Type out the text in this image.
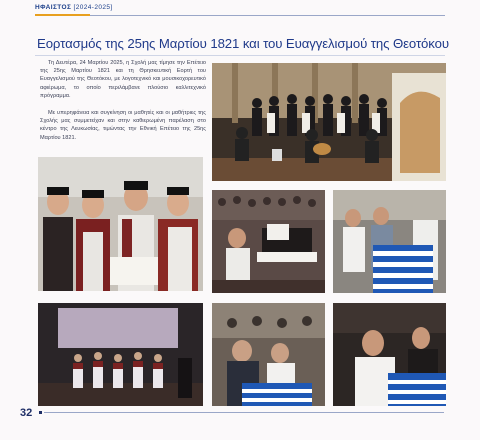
ΗΦΑΙΣΤΟΣ [2024-2025]
Εορτασμός της 25ης Μαρτίου 1821 και του Ευαγγελισμού της Θεοτόκου

Τη Δευτέρα, 24 Μαρτίου 2025, η Σχολή μας τίμησε την Επέτειο της 25ης Μαρτίου 1821 και τη Θρησκευτική Εορτή του Ευαγγελισμού της Θεοτόκου, με λογοτεχνικό και μουσικοχορευτικό αφιέρωμα, το οποίο περιλάμβανε πλούσιο καλλιτεχνικό πρόγραμμα.

Με υπερηφάνεια και συγκίνηση οι μαθητές και οι μαθήτριες της Σχολής μας συμμετείχαν και στην καθιερωμένη παρέλαση στο κέντρο της Λευκωσίας, τιμώντας την Εθνική Επέτειο της 25ης Μαρτίου 1821.

32
